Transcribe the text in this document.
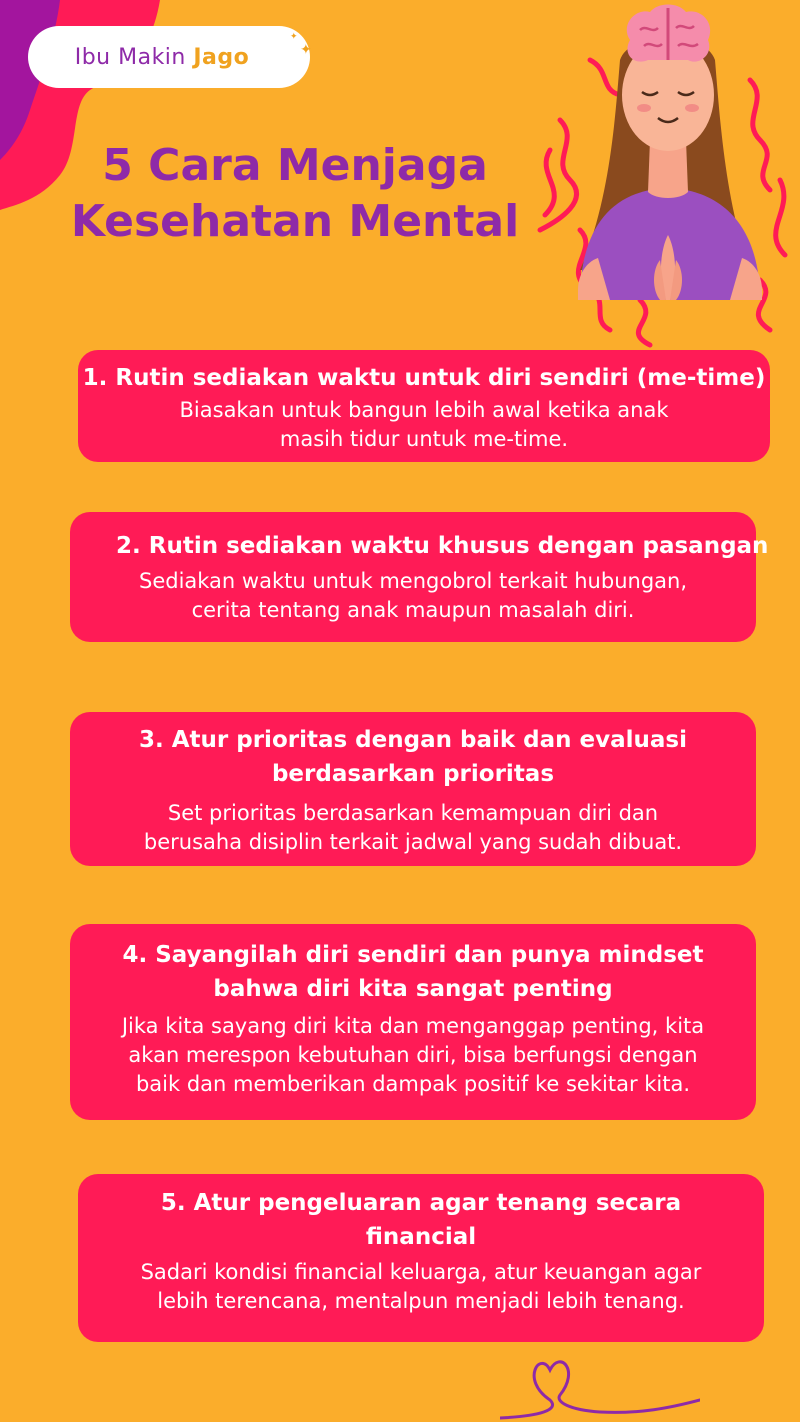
Ibu Makin Jago	✦
✦
5 Cara Menjaga
Kesehatan Mental
1. Rutin sediakan waktu untuk diri sendiri (me-time)

Biasakan untuk bangun lebih awal ketika anak
masih tidur untuk me-time.

2. Rutin sediakan waktu khusus dengan pasangan

Sediakan waktu untuk mengobrol terkait hubungan,
cerita tentang anak maupun masalah diri.

3. Atur prioritas dengan baik dan evaluasi
berdasarkan prioritas

Set prioritas berdasarkan kemampuan diri dan
berusaha disiplin terkait jadwal yang sudah dibuat.

4. Sayangilah diri sendiri dan punya mindset
bahwa diri kita sangat penting

Jika kita sayang diri kita dan menganggap penting, kita
akan merespon kebutuhan diri, bisa berfungsi dengan
baik dan memberikan dampak positif ke sekitar kita.

5. Atur pengeluaran agar tenang secara
financial

Sadari kondisi financial keluarga, atur keuangan agar
lebih terencana, mentalpun menjadi lebih tenang.
